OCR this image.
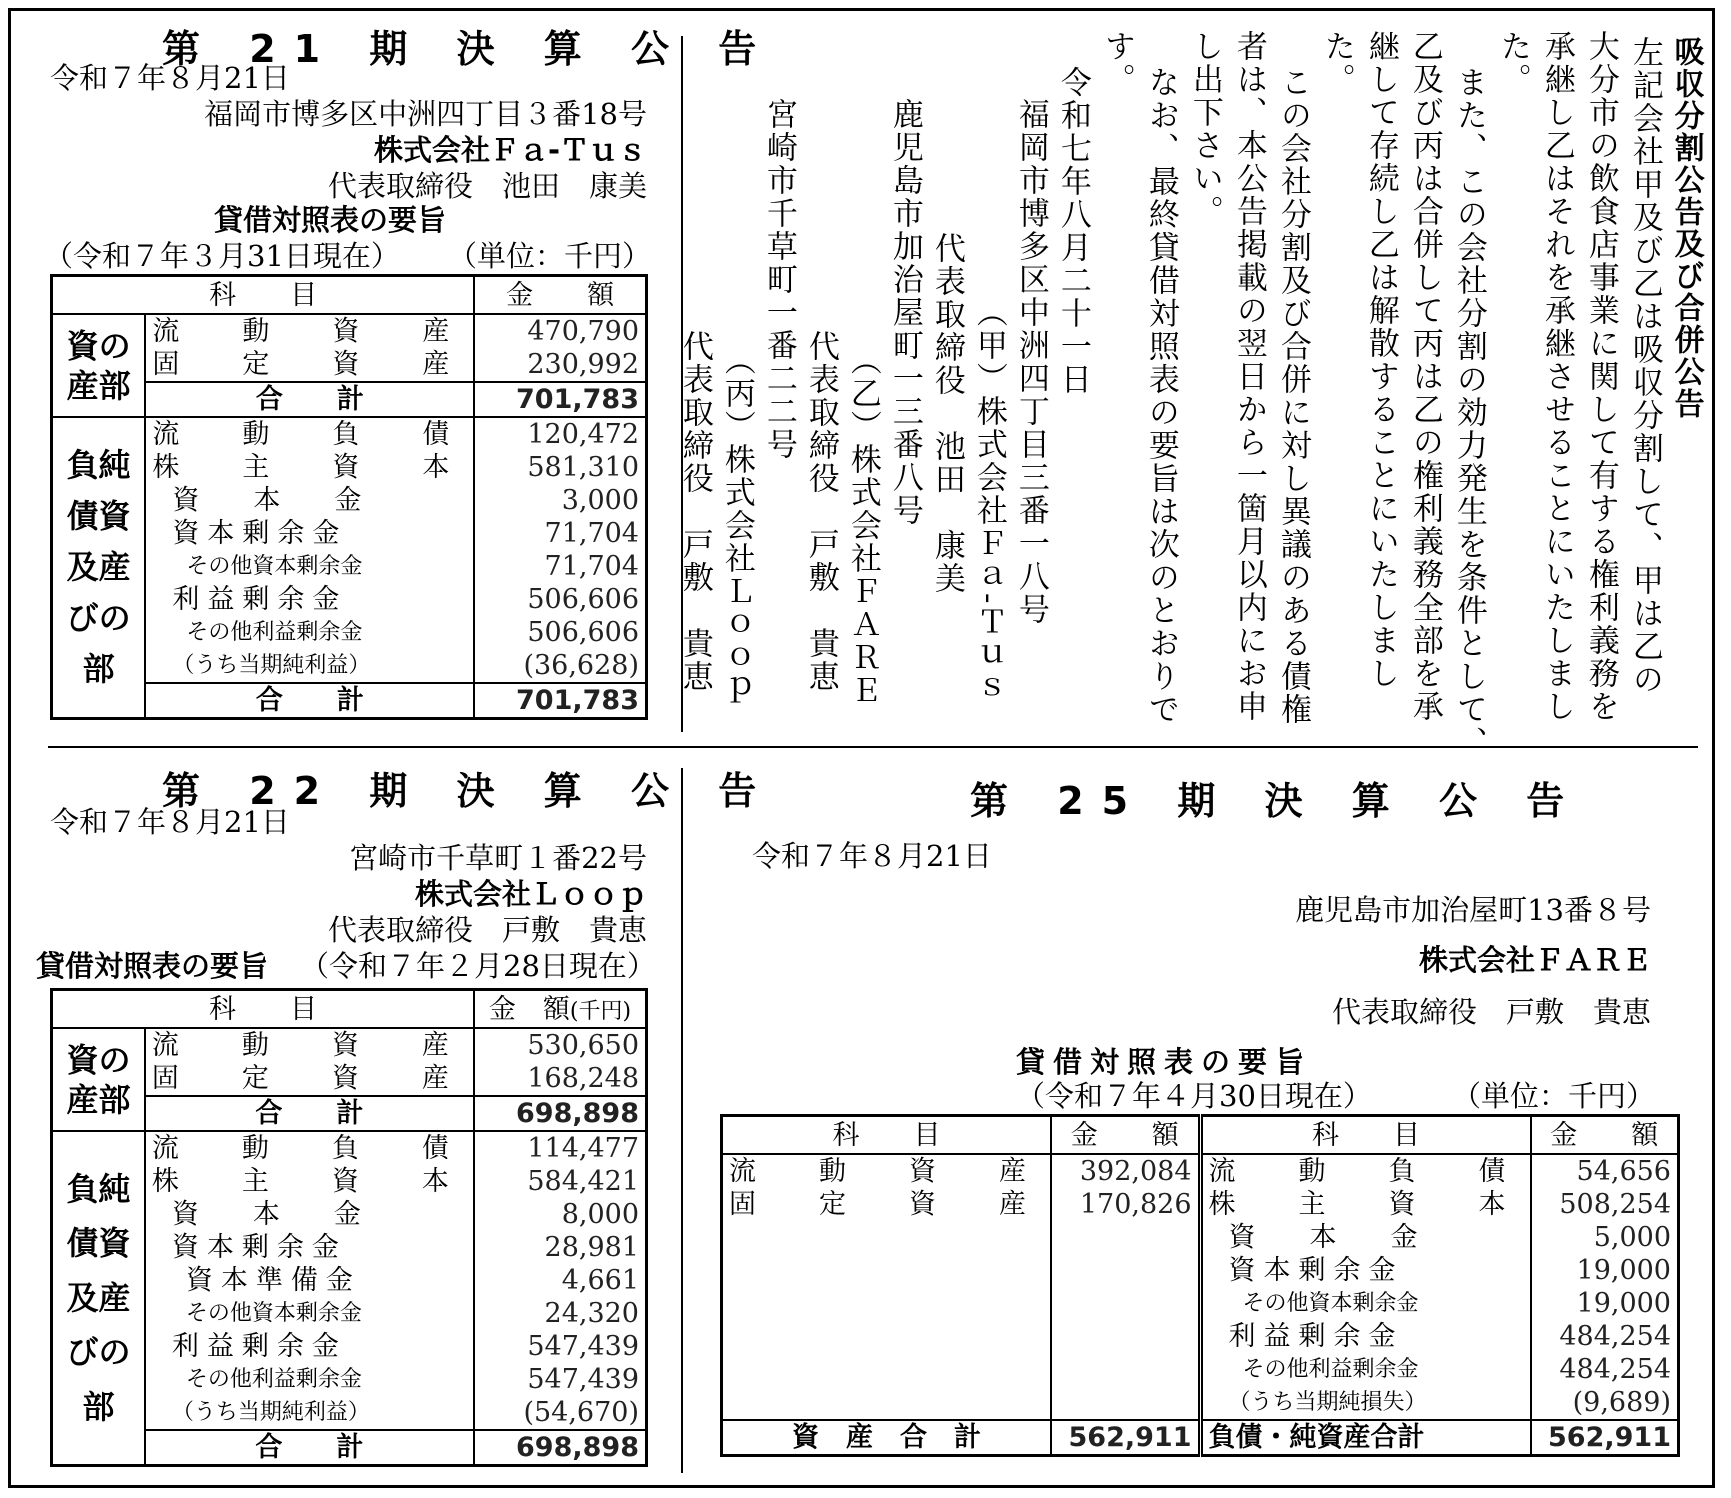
第 21 期 決 算 公 告
令和７年８月21日
福岡市博多区中洲四丁目３番18号
株式会社Ｆａ-Ｔｕｓ
代表取締役　池田　康美
貸借対照表の要旨
（令和７年３月31日現在） （単位：千円）
科　　目		金　　額
資の
産部	流　動　資　産	470,790
	固　定　資　産	230,992
	合　　計	701,783
負純
債資
及産
びの
部	流　動　負　債	120,472
	株　主　資　本	581,310
	資　　本　　金	3,000
	資本剰余金	71,704
	その他資本剰余金	71,704
	利益剰余金	506,606
	その他利益剰余金	506,606
	（うち当期純利益）	(36,628)
	合　　計	701,783
第 22 期 決 算 公 告
令和７年８月21日
宮崎市千草町１番22号
株式会社Ｌｏｏｐ
代表取締役　戸敷　貴恵
貸借対照表の要旨 （令和７年２月28日現在）
科　　目		金　額(千円)
資の
産部	流　動　資　産	530,650
	固　定　資　産	168,248
	合　　計	698,898
負純
債資
及産
びの
部	流　動　負　債	114,477
	株　主　資　本	584,421
	資　　本　　金	8,000
	資本剰余金	28,981
	資本準備金	4,661
	その他資本剰余金	24,320
	利益剰余金	547,439
	その他利益剰余金	547,439
	（うち当期純利益）	(54,670)
	合　　計	698,898
第 25 期 決 算 公 告
令和７年８月21日
鹿児島市加治屋町13番８号
株式会社ＦＡＲＥ
代表取締役　戸敷　貴恵
貸借対照表の要旨
（令和７年４月30日現在）	（単位：千円）
科　　目	金　　額	科　　目	金　　額
流　動　資　産	392,084	流　動　負　債	54,656
固　定　資　産	170,826	株　主　資　本	508,254
		資　　本　　金	5,000
		資本剰余金	19,000
		その他資本剰余金	19,000
		利益剰余金	484,254
		その他利益剰余金	484,254
		（うち当期純損失）	(9,689)
資　産　合　計	562,911	負債・純資産合計	562,911
吸収分割公告及び合併公告
左記会社甲及び乙は吸収分割して、甲は乙の
大分市の飲食店事業に関して有する権利義務を
承継し乙はそれを承継させることにいたしまし
た。
また、この会社分割の効力発生を条件として、
乙及び丙は合併して丙は乙の権利義務全部を承
継して存続し乙は解散することにいたしまし
た。
この会社分割及び合併に対し異議のある債権
者は、本公告掲載の翌日から一箇月以内にお申
し出下さい。
なお、最終貸借対照表の要旨は次のとおりで
す。
令和七年八月二十一日
福岡市博多区中洲四丁目三番一八号
（甲）株式会社Ｆａ-Ｔｕｓ
代表取締役　池田　康美
鹿児島市加治屋町一三番八号
（乙）株式会社ＦＡＲＥ
代表取締役　戸敷　貴恵
宮崎市千草町一番二二号
（丙）株式会社Ｌｏｏｐ
代表取締役　戸敷　貴恵
